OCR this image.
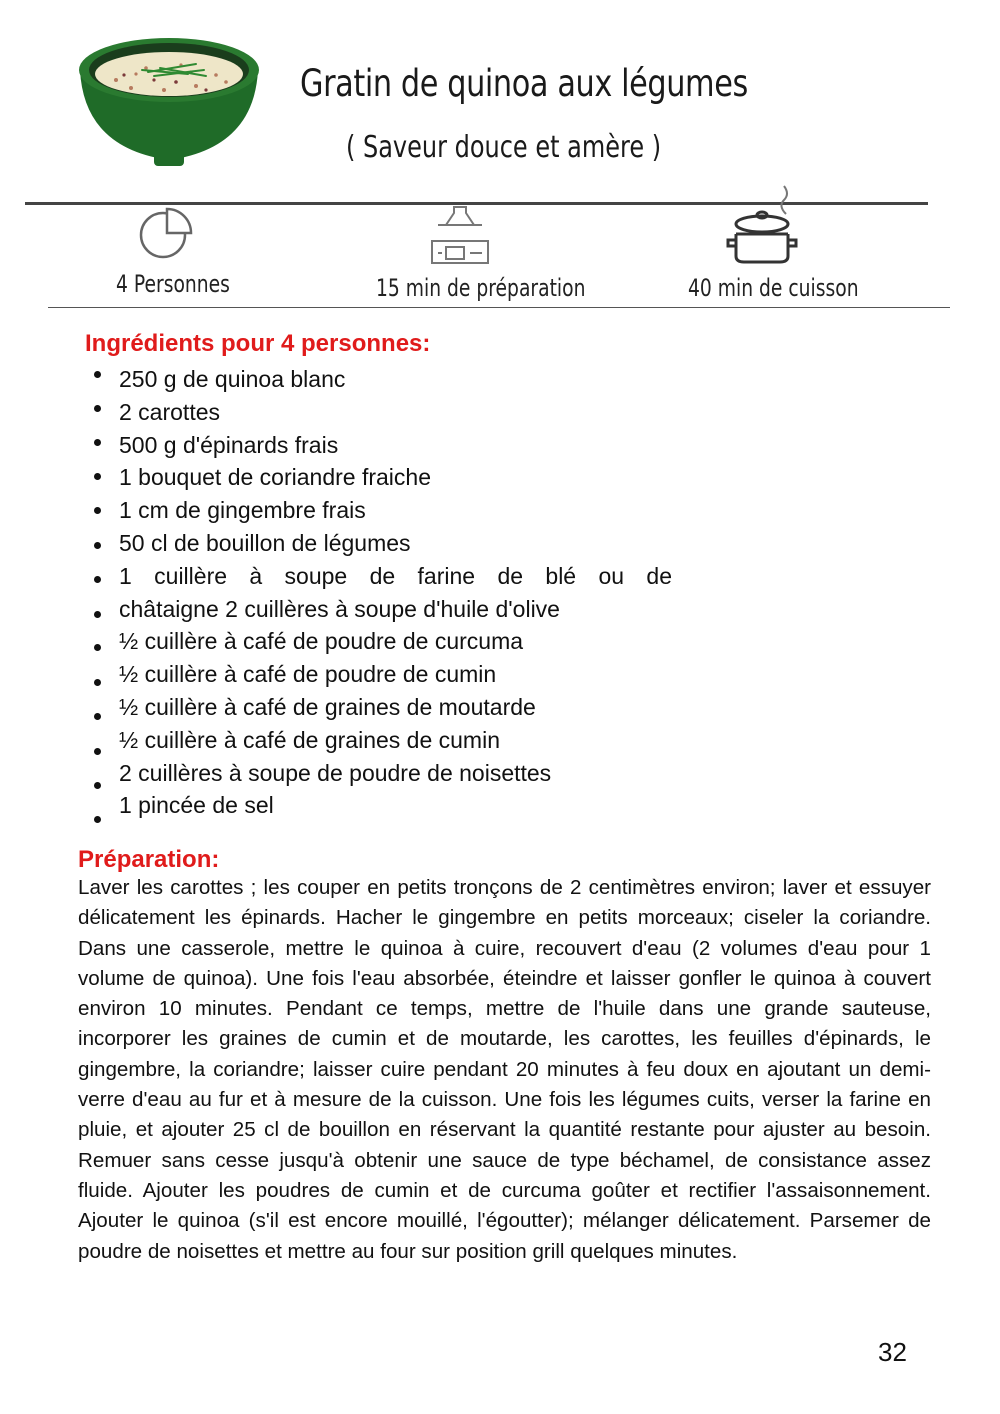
Gratin de quinoa aux légumes
( Saveur douce et amère )
4 Personnes	15 min de préparation	40 min de cuisson
Ingrédients pour 4 personnes:
250 g de quinoa blanc
2 carottes
500 g d'épinards frais
1 bouquet de coriandre fraiche
1 cm de gingembre frais
50 cl de bouillon de légumes
1 cuillère à soupe de farine de blé ou de
châtaigne 2 cuillères à soupe d'huile d'olive
½ cuillère à café de poudre de curcuma
½ cuillère à café de poudre de cumin
½ cuillère à café de graines de moutarde
½ cuillère à café de graines de cumin
2 cuillères à soupe de poudre de noisettes
1 pincée de sel
Préparation:
Laver les carottes ; les couper en petits tronçons de 2 centimètres environ; laver et essuyer délicatement les épinards. Hacher le gingembre en petits morceaux; ciseler la coriandre. Dans une casserole, mettre le quinoa à cuire, recouvert d'eau (2 volumes d'eau pour 1 volume de quinoa). Une fois l'eau absorbée, éteindre et laisser gonfler le quinoa à couvert environ 10 minutes. Pendant ce temps, mettre de l'huile dans une grande sauteuse, incorporer les graines de cumin et de moutarde, les carottes, les feuilles d'épinards, le gingembre, la coriandre; laisser cuire pendant 20 minutes à feu doux en ajoutant un demi-verre d'eau au fur et à mesure de la cuisson. Une fois les légumes cuits, verser la farine en pluie, et ajouter 25 cl de bouillon en réservant la quantité restante pour ajuster au besoin. Remuer sans cesse jusqu'à obtenir une sauce de type béchamel, de consistance assez fluide. Ajouter les poudres de cumin et de curcuma goûter et rectifier l'assaisonnement. Ajouter le quinoa (s'il est encore mouillé, l'égoutter); mélanger délicatement. Parsemer de poudre de noisettes et mettre au four sur position grill quelques minutes.
32
